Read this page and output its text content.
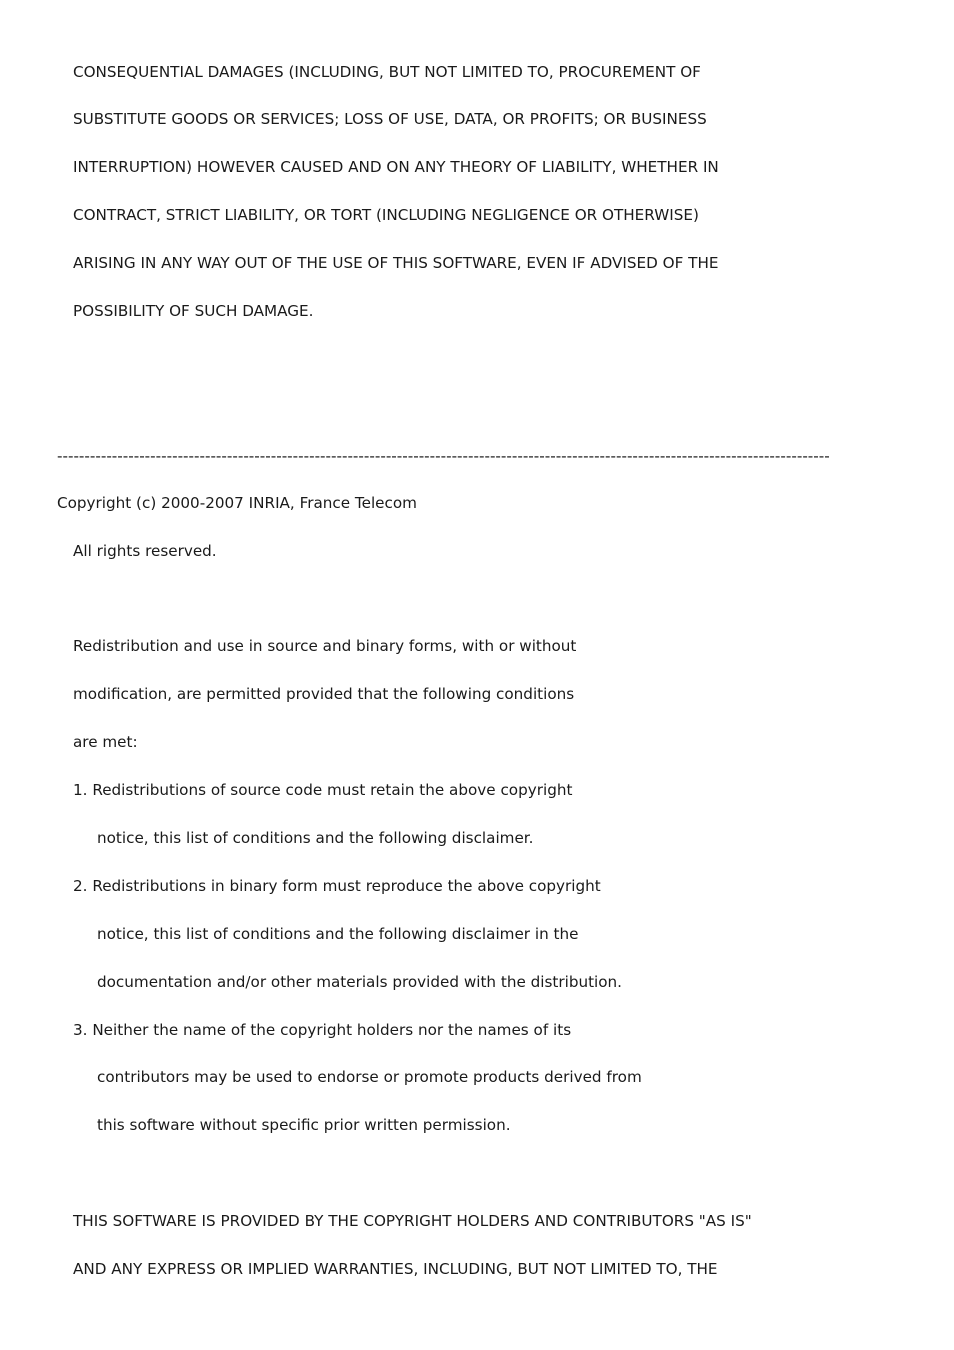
CONSEQUENTIAL DAMAGES (INCLUDING, BUT NOT LIMITED TO, PROCUREMENT OF
SUBSTITUTE GOODS OR SERVICES; LOSS OF USE, DATA, OR PROFITS; OR BUSINESS
INTERRUPTION) HOWEVER CAUSED AND ON ANY THEORY OF LIABILITY, WHETHER IN
CONTRACT, STRICT LIABILITY, OR TORT (INCLUDING NEGLIGENCE OR OTHERWISE)
ARISING IN ANY WAY OUT OF THE USE OF THIS SOFTWARE, EVEN IF ADVISED OF THE
POSSIBILITY OF SUCH DAMAGE.
---------------------------------------------------------------------------------------------------------------------------------------------
Copyright (c) 2000-2007 INRIA, France Telecom
All rights reserved.
Redistribution and use in source and binary forms, with or without
modification, are permitted provided that the following conditions
are met:
1. Redistributions of source code must retain the above copyright
notice, this list of conditions and the following disclaimer.
2. Redistributions in binary form must reproduce the above copyright
notice, this list of conditions and the following disclaimer in the
documentation and/or other materials provided with the distribution.
3. Neither the name of the copyright holders nor the names of its
contributors may be used to endorse or promote products derived from
this software without specific prior written permission.
THIS SOFTWARE IS PROVIDED BY THE COPYRIGHT HOLDERS AND CONTRIBUTORS "AS IS"
AND ANY EXPRESS OR IMPLIED WARRANTIES, INCLUDING, BUT NOT LIMITED TO, THE
